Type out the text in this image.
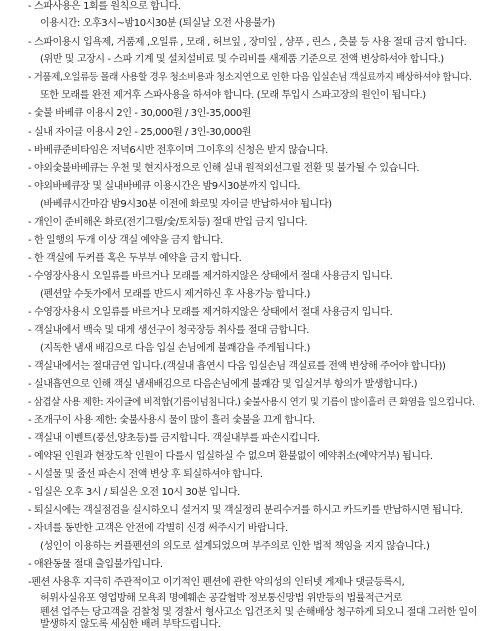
- 스파사용은 1회를 원칙으로 합니다.
이용시간: 오후3시~밤10시30분 (퇴실날 오전 사용불가)
- 스파이용시 입욕제, 거품제 ,오일류 , 모래 , 허브잎 , 장미잎 , 샴푸 , 린스 , 츳불 등 사용 절대 금지 합니다.
(위반 및 고장시 - 스파 기계 및 설치설비료 및 수리비를 새제품 기준으로 전액 변상하셔야 합니다.)
- 거품제,오일류등 몰래 사용할 경우 청소비용과 청소지연으로 인한 다음 입실손님 객실료까지 배상하셔야 합니다.
또한 모래를 완전 제거후 스파사용을 하셔야 합니다. (모래 투입시 스파고장의 원인이 됩니다.)
- 숯불 바베큐 이용시 2인 - 30,000원 / 3인-35,000원
- 실내 자이글 이용시 2인 - 25,000원 / 3인-30,000원
- 바베큐준비타임은 저녁6시반 전후이며 그이후의 신청은 받지 않습니다.
- 야외숯불바베큐는 우천 및 현지사정으로 인해 실내 원적외선그릴 전환 및 불가될 수 있습니다.
- 야외바베큐장 및 실내바베큐 이용시간은 밤9시30분까지 입니다.
(바베큐시간마감 밤9시30분 이전에 화로및 자이글 반납하셔야 됩니다)
- 개인이 준비해온 화로(전기그릴/숯/토치등) 절대 반입 금지 입니다.
- 한 일행의 두개 이상 객실 예약을 금지 합니다.
- 한 객실에 두커플 혹은 두부부 예약을 금지 합니다.
- 수영장사용시 오일류를 바르거나 모래를 제거하지않은 상태에서 절대 사용금지 입니다.
(펜션앞 수돗가에서 모래를 반드시 제거하신 후 사용가능 합니다.)
- 수영장사용시 오일류를 바르거나 모래를 제거하지않은 상태에서 절대 사용금지 입니다.
- 객실내에서 백숙 및 대게 생선구이 청국장등 취사를 절대 금합니다.
(지독한 냄새 배김으로 다음 입실 손님에게 불쾌감을 주게됩니다.)
- 객실내에서는 절대금연 입니다.(객실내 흡연시 다음 입실손님 객실료를 전액 변상해 주어야 합니다))
- 실내흡연으로 인해 객실 냄새배김으로 다음손님에게 불쾌감 및 입실거부 항의가 발생합니다.)
- 삼겹살 사용 제한: 자이글에 비적합(기름이넘침니다.) 숯불사용시 연기 및 기름이 많이흘러 큰 화염을 일으킵니다.
- 조개구이 사용 제한: 숯불사용시 물이 많이 흘러 숯불을 끄게 합니다.
- 객실내 이벤트(풍선,양초등)를 금지합니다. 객실내부를 파손시킵니다.
- 예약된 인원과 현장도착 인원이 다를시 입실하실 수 없으며 환불없이 예약취소(예약거부) 됩니다.
- 시설물 및 줄선 파손시 전액 변상 후 퇴실하셔야 합니다.
- 입실은 오후 3시 / 퇴실은 오전 10시 30분 입니다.
- 퇴실시에는 객실점검을 실시하오니 설거지 및 객실정리 분리수거를 하시고 카드키를 반납하시면 됩니다.
- 자녀를 동반한 고객은 안전에 각별히 신경 써주시기 바랍니다.
(성인이 이용하는 커플펜션의 의도로 설계되었으며 부주의로 인한 법적 책임을 지지 않습니다.)
- 애완동물 절대 출입불가입니다.
-펜션 사용후 지극히 주관적이고 이기적인 펜션에 관한 악의성의 인터넷 게제나 댓글등록시,
허위사실유포 영업방해 모욕죄 명예훼손 공갈협박 정보통신망법 위반등의 법률적근거로
펜션 업주는 당고객을 검찰청 및 경찰서 형사고소 입건조치 및 손해배상 청구하게 되오니 절대 그러한 일이
발생하지 않도록 세심한 배려 부탁드립니다.
